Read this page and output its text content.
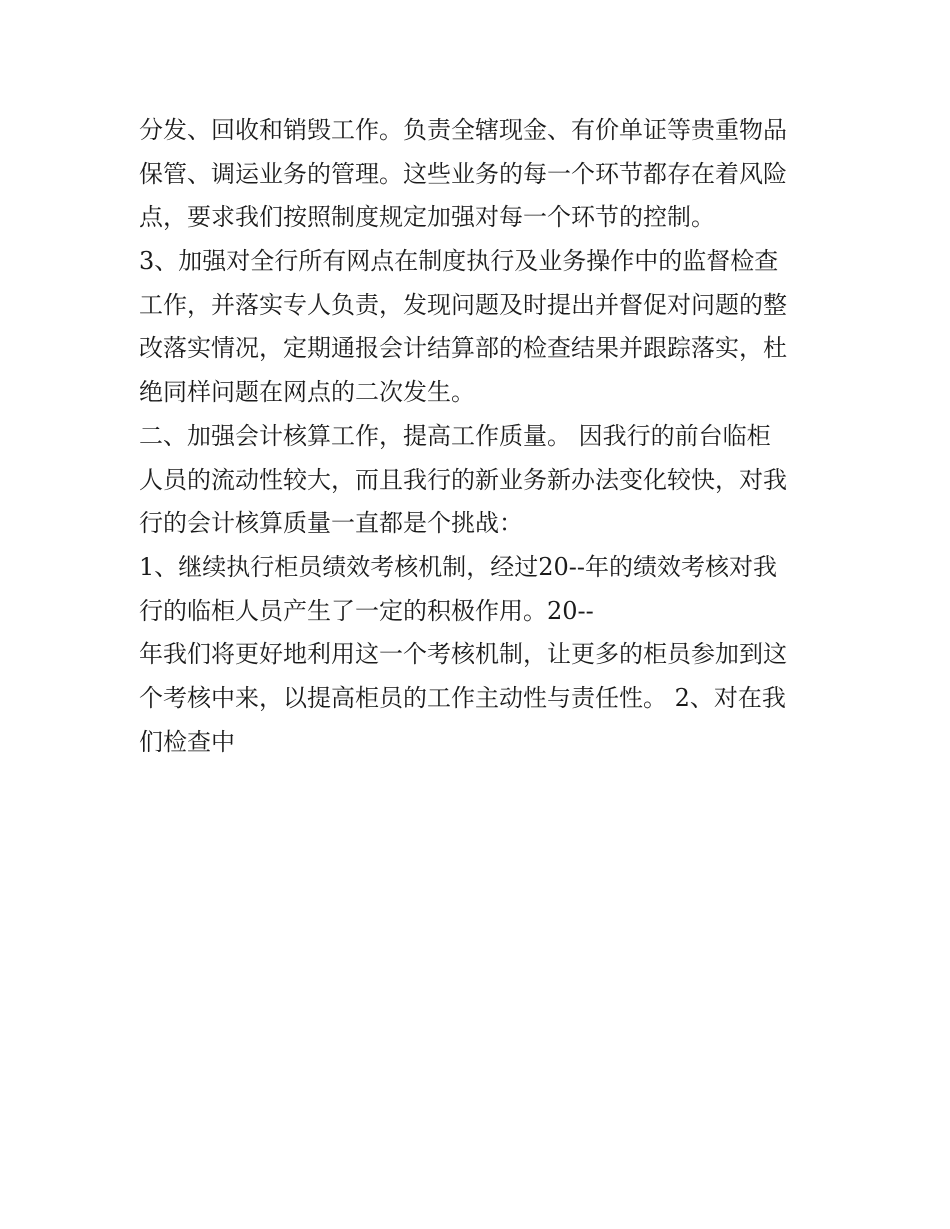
分发、回收和销毁工作。负责全辖现金、有价单证等贵重物品
保管、调运业务的管理。这些业务的每一个环节都存在着风险
点，要求我们按照制度规定加强对每一个环节的控制。
3、加强对全行所有网点在制度执行及业务操作中的监督检查
工作，并落实专人负责，发现问题及时提出并督促对问题的整
改落实情况，定期通报会计结算部的检查结果并跟踪落实，杜
绝同样问题在网点的二次发生。
二、加强会计核算工作，提高工作质量。 因我行的前台临柜
人员的流动性较大，而且我行的新业务新办法变化较快，对我
行的会计核算质量一直都是个挑战：
1、继续执行柜员绩效考核机制，经过20--年的绩效考核对我
行的临柜人员产生了一定的积极作用。20--
年我们将更好地利用这一个考核机制，让更多的柜员参加到这
个考核中来，以提高柜员的工作主动性与责任性。 2、对在我
们检查中
